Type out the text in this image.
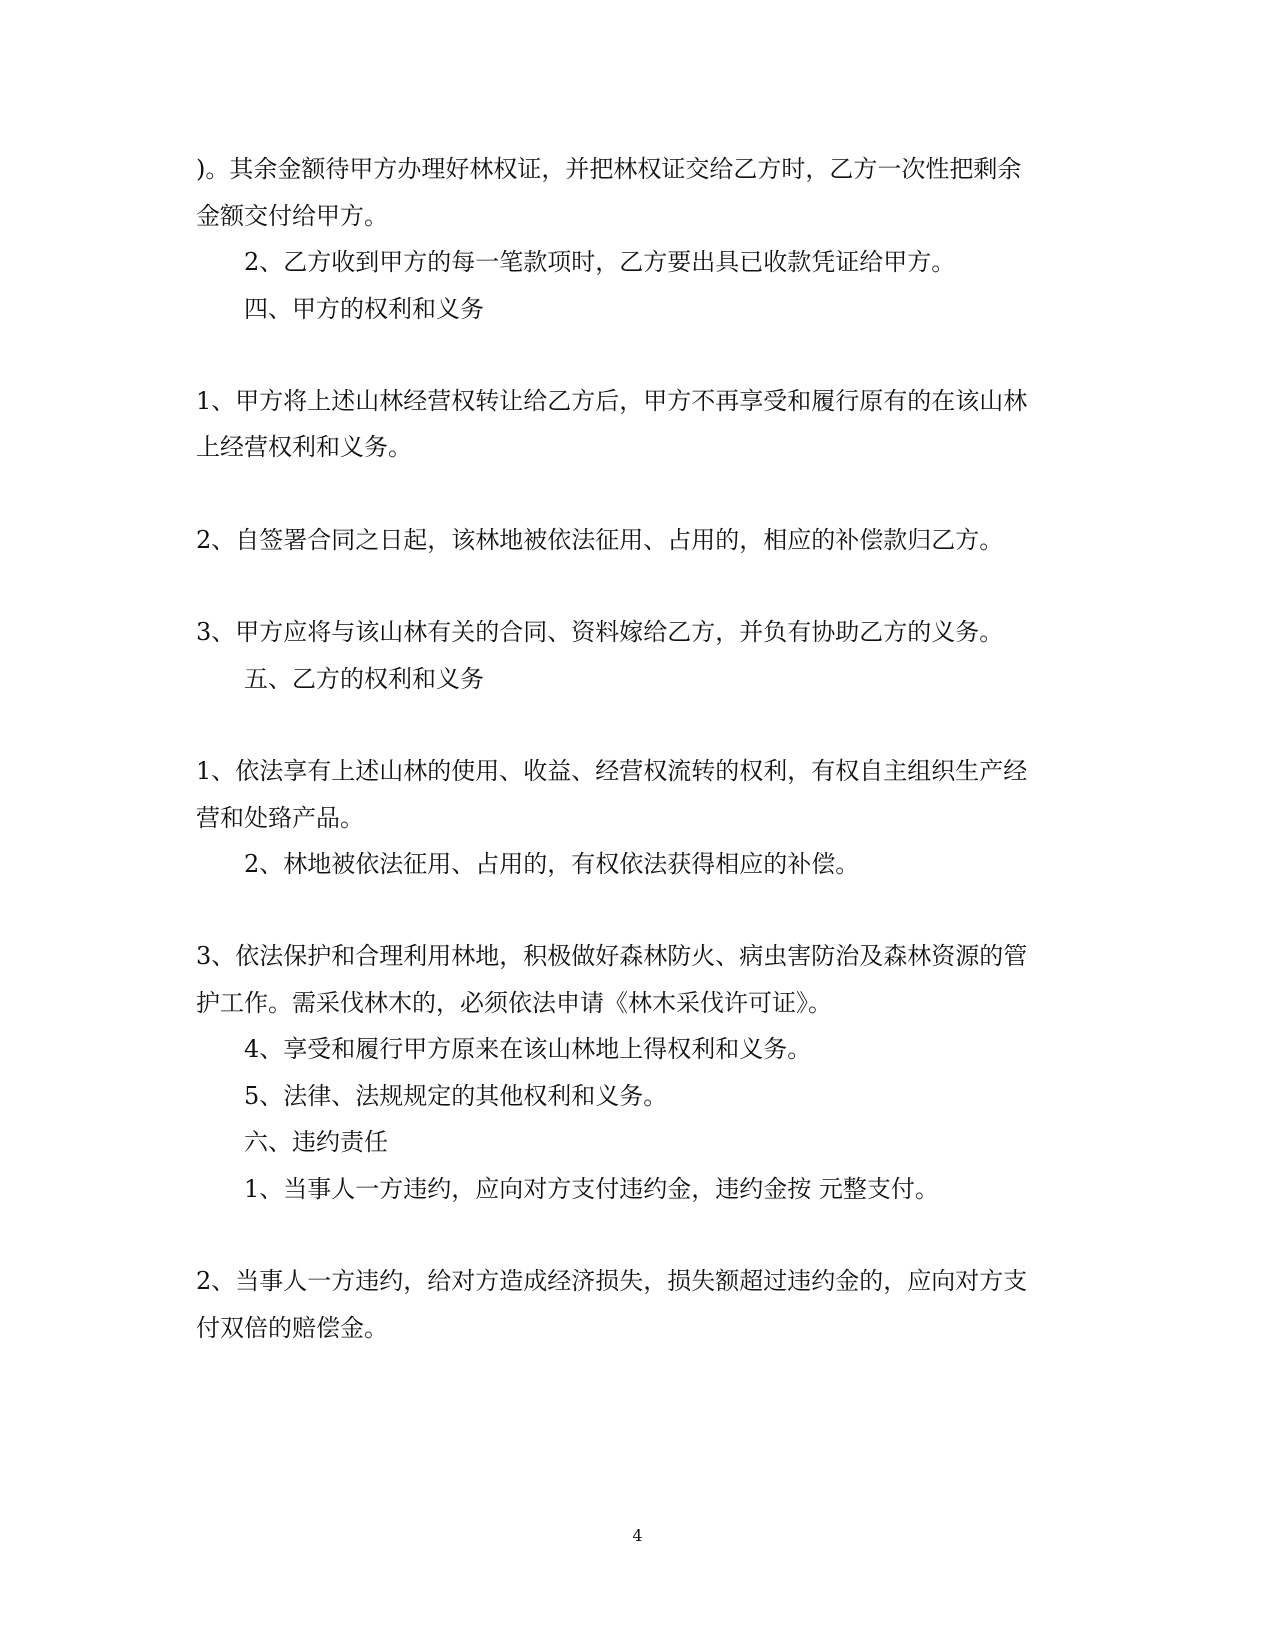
)。其余金额待甲方办理好林权证，并把林权证交给乙方时，乙方一次性把剩余
金额交付给甲方。
2、乙方收到甲方的每一笔款项时，乙方要出具已收款凭证给甲方。
四、甲方的权利和义务
1、甲方将上述山林经营权转让给乙方后，甲方不再享受和履行原有的在该山林
上经营权利和义务。
2、自签署合同之日起，该林地被依法征用、占用的，相应的补偿款归乙方。
3、甲方应将与该山林有关的合同、资料嫁给乙方，并负有协助乙方的义务。
五、乙方的权利和义务
1、依法享有上述山林的使用、收益、经营权流转的权利，有权自主组织生产经
营和处臵产品。
2、林地被依法征用、占用的，有权依法获得相应的补偿。
3、依法保护和合理利用林地，积极做好森林防火、病虫害防治及森林资源的管
护工作。需采伐林木的，必须依法申请《林木采伐许可证》。
4、享受和履行甲方原来在该山林地上得权利和义务。
5、法律、法规规定的其他权利和义务。
六、违约责任
1、当事人一方违约，应向对方支付违约金，违约金按 元整支付。
2、当事人一方违约，给对方造成经济损失，损失额超过违约金的，应向对方支
付双倍的赔偿金。
4
